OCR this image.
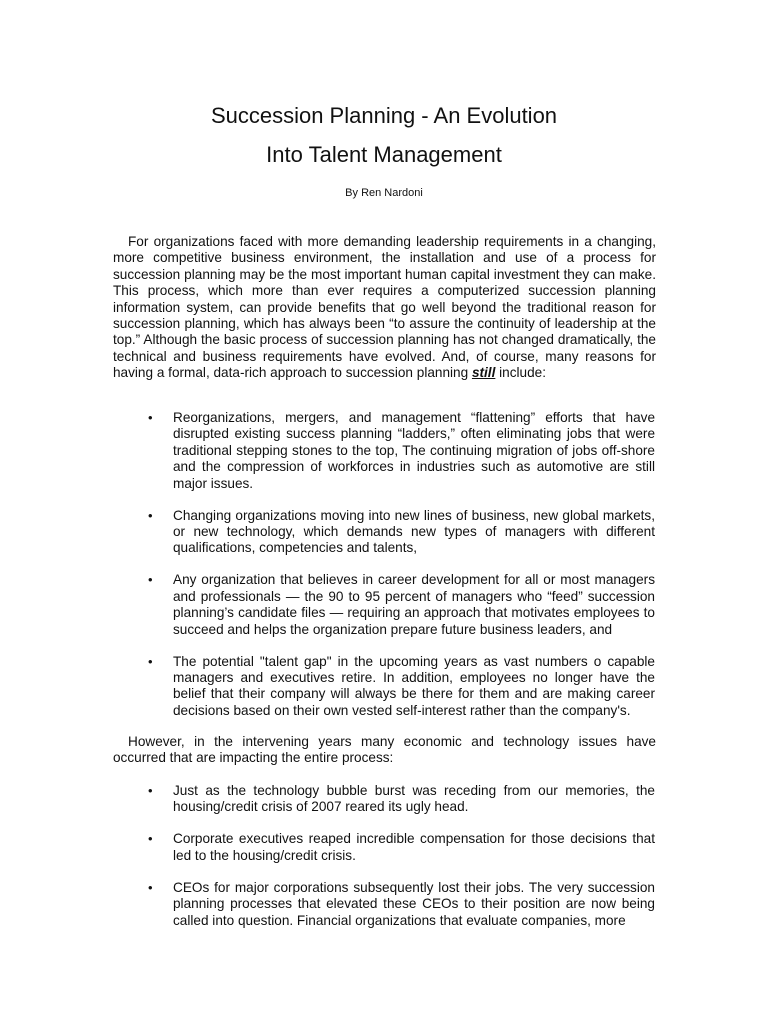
Succession Planning - An Evolution
Into Talent Management
By Ren Nardoni

For organizations faced with more demanding leadership requirements in a changing, more competitive business environment, the installation and use of a process for succession planning may be the most important human capital investment they can make. This process, which more than ever requires a computerized succession planning information system, can provide benefits that go well beyond the traditional reason for succession planning, which has always been “to assure the continuity of leadership at the top.” Although the basic process of succession planning has not changed dramatically, the technical and business requirements have evolved. And, of course, many reasons for having a formal, data-rich approach to succession planning still include:

•	Reorganizations, mergers, and management “flattening” efforts that have disrupted existing success planning “ladders,” often eliminating jobs that were traditional stepping stones to the top, The continuing migration of jobs off-shore and the compression of workforces in industries such as automotive are still major issues.
•	Changing organizations moving into new lines of business, new global markets, or new technology, which demands new types of managers with different qualifications, competencies and talents,
•	Any organization that believes in career development for all or most managers and professionals — the 90 to 95 percent of managers who “feed” succession planning’s candidate files — requiring an approach that motivates employees to succeed and helps the organization prepare future business leaders, and
•	The potential "talent gap" in the upcoming years as vast numbers o capable managers and executives retire. In addition, employees no longer have the belief that their company will always be there for them and are making career decisions based on their own vested self-interest rather than the company's.

However, in the intervening years many economic and technology issues have occurred that are impacting the entire process:

•	Just as the technology bubble burst was receding from our memories, the housing/credit crisis of 2007 reared its ugly head.
•	Corporate executives reaped incredible compensation for those decisions that led to the housing/credit crisis.
•	CEOs for major corporations subsequently lost their jobs. The very succession planning processes that elevated these CEOs to their position are now being called into question. Financial organizations that evaluate companies, more
